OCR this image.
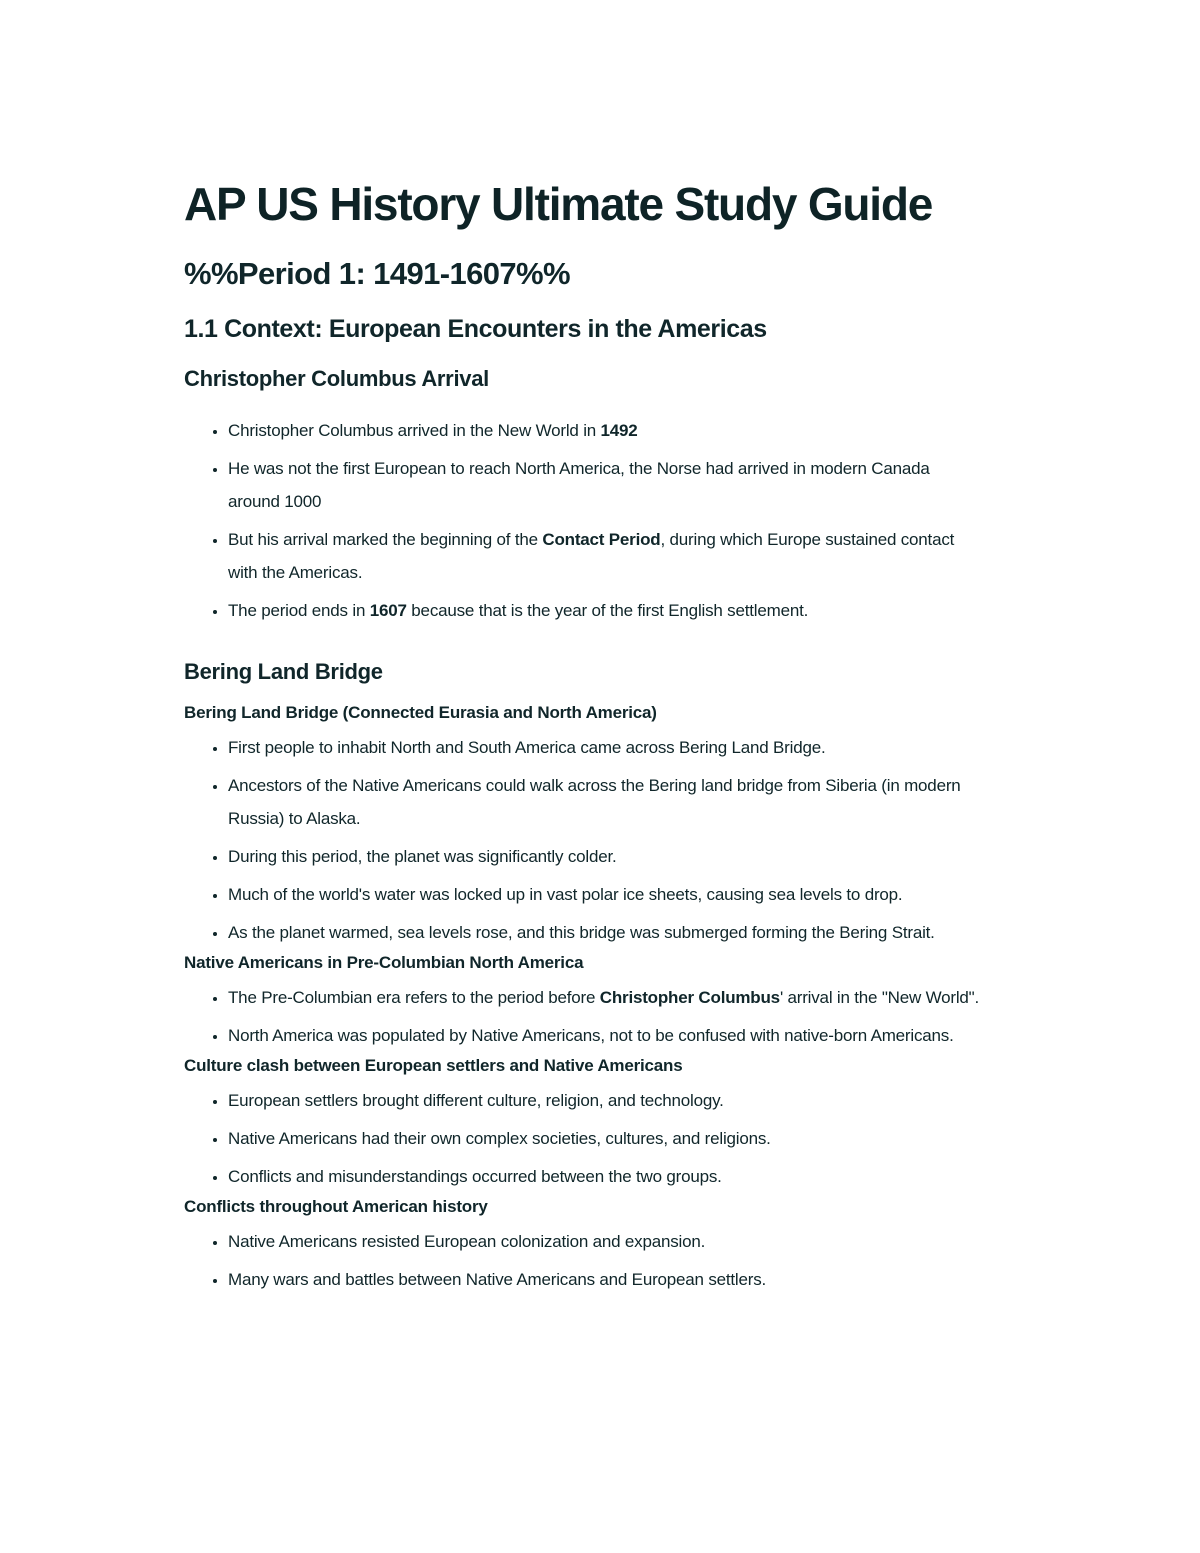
AP US History Ultimate Study Guide
%%Period 1: 1491-1607%%
1.1 Context: European Encounters in the Americas
Christopher Columbus Arrival
• Christopher Columbus arrived in the New World in 1492
• He was not the first European to reach North America, the Norse had arrived in modern Canada around 1000
• But his arrival marked the beginning of the Contact Period, during which Europe sustained contact with the Americas.
• The period ends in 1607 because that is the year of the first English settlement.
Bering Land Bridge
Bering Land Bridge (Connected Eurasia and North America)
• First people to inhabit North and South America came across Bering Land Bridge.
• Ancestors of the Native Americans could walk across the Bering land bridge from Siberia (in modern Russia) to Alaska.
• During this period, the planet was significantly colder.
• Much of the world's water was locked up in vast polar ice sheets, causing sea levels to drop.
• As the planet warmed, sea levels rose, and this bridge was submerged forming the Bering Strait.
Native Americans in Pre-Columbian North America
• The Pre-Columbian era refers to the period before Christopher Columbus' arrival in the "New World".
• North America was populated by Native Americans, not to be confused with native-born Americans.
Culture clash between European settlers and Native Americans
• European settlers brought different culture, religion, and technology.
• Native Americans had their own complex societies, cultures, and religions.
• Conflicts and misunderstandings occurred between the two groups.
Conflicts throughout American history
• Native Americans resisted European colonization and expansion.
• Many wars and battles between Native Americans and European settlers.
